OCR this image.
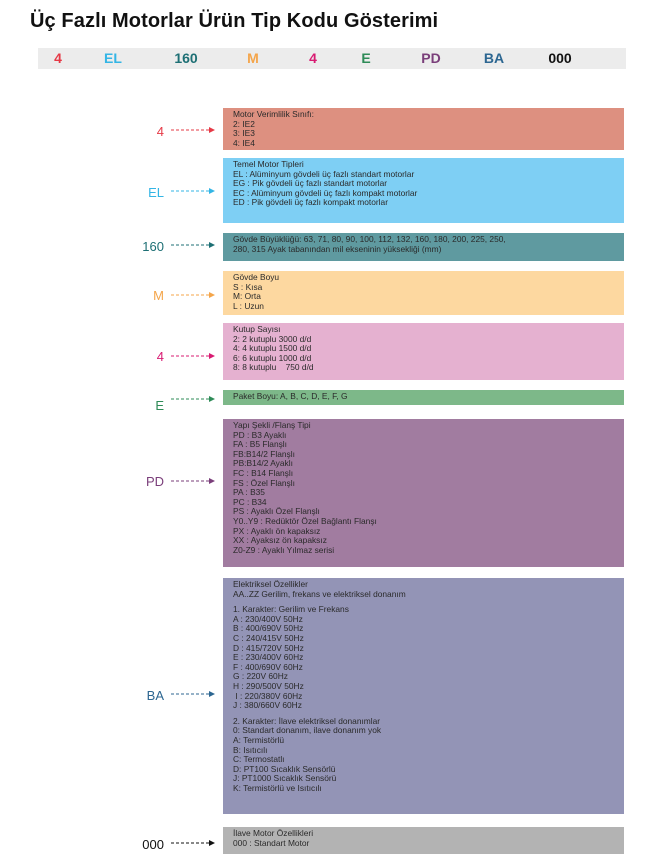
Üç Fazlı Motorlar Ürün Tip Kodu Gösterimi
4	EL	160	M	4	E	PD	BA	000
4
Motor Verimlilik Sınıfı:
2: IE2
3: IE3
4: IE4
EL
Temel Motor Tipleri
EL : Alüminyum gövdeli üç fazlı standart motorlar
EG : Pik gövdeli üç fazlı standart motorlar
EC : Alüminyum gövdeli üç fazlı kompakt motorlar
ED : Pik gövdeli üç fazlı kompakt motorlar
160	Gövde Büyüklüğü: 63, 71, 80, 90, 100, 112, 132, 160, 180, 200, 225, 250,
280, 315 Ayak tabanından mil ekseninin yüksekliği (mm)
M
Gövde Boyu
S : Kısa
M: Orta
L : Uzun
4
Kutup Sayısı
2: 2 kutuplu 3000 d/d
4: 4 kutuplu 1500 d/d
6: 6 kutuplu 1000 d/d
8: 8 kutuplu    750 d/d
E
Paket Boyu: A, B, C, D, E, F, G
PD
Yapı Şekli /Flanş Tipi
PD : B3 Ayaklı
FA : B5 Flanşlı
FB:B14/2 Flanşlı
PB:B14/2 Ayaklı
FC : B14 Flanşlı
FS : Özel Flanşlı
PA : B35
PC : B34
PS : Ayaklı Özel Flanşlı
Y0..Y9 : Redüktör Özel Bağlantı Flanşı
PX : Ayaklı ön kapaksız
XX : Ayaksız ön kapaksız
Z0-Z9 : Ayaklı Yılmaz serisi
BA
Elektriksel Özellikler
AA..ZZ Gerilim, frekans ve elektriksel donanım
1. Karakter: Gerilim ve Frekans
A : 230/400V 50Hz
B : 400/690V 50Hz
C : 240/415V 50Hz
D : 415/720V 50Hz
E : 230/400V 60Hz
F : 400/690V 60Hz
G : 220V 60Hz
H : 290/500V 50Hz
I : 220/380V 60Hz
J : 380/660V 60Hz
2. Karakter: İlave elektriksel donanımlar
0: Standart donanım, ilave donanım yok
A: Termistörlü
B: Isıtıcılı
C: Termostatlı
D: PT100 Sıcaklık Sensörlü
J: PT1000 Sıcaklık Sensörü
K: Termistörlü ve Isıtıcılı
000
İlave Motor Özellikleri
000 : Standart Motor
